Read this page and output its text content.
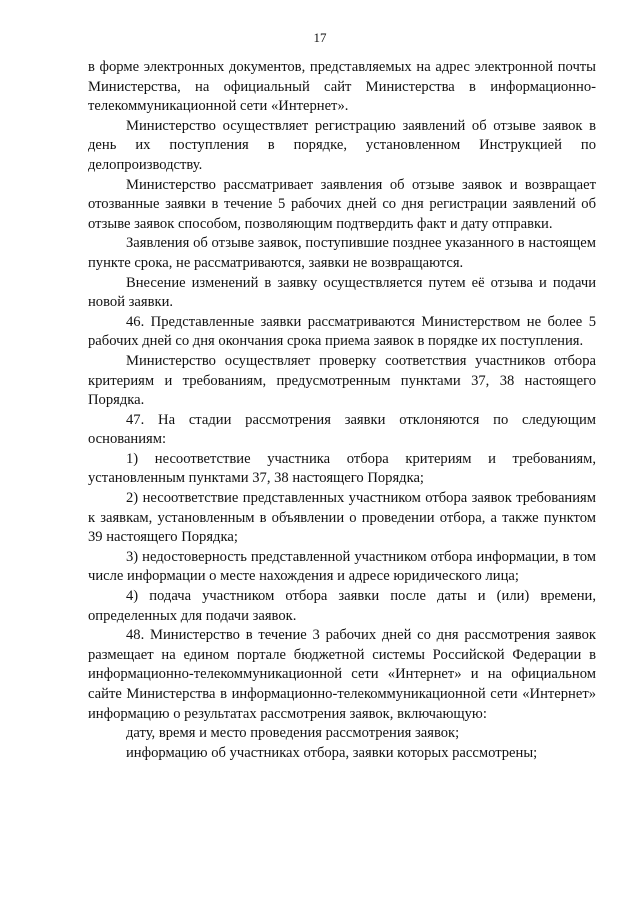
17

в форме электронных документов, представляемых на адрес электронной почты Министерства, на официальный сайт Министерства в информационно-телекоммуникационной сети «Интернет».

Министерство осуществляет регистрацию заявлений об отзыве заявок в день их поступления в порядке, установленном Инструкцией по делопроизводству.

Министерство рассматривает заявления об отзыве заявок и возвращает отозванные заявки в течение 5 рабочих дней со дня регистрации заявлений об отзыве заявок способом, позволяющим подтвердить факт и дату отправки.

Заявления об отзыве заявок, поступившие позднее указанного в настоящем пункте срока, не рассматриваются, заявки не возвращаются.

Внесение изменений в заявку осуществляется путем её отзыва и подачи новой заявки.

46. Представленные заявки рассматриваются Министерством не более 5 рабочих дней со дня окончания срока приема заявок в порядке их поступления.

Министерство осуществляет проверку соответствия участников отбора критериям и требованиям, предусмотренным пунктами 37, 38 настоящего Порядка.

47. На стадии рассмотрения заявки отклоняются по следующим основаниям:

1) несоответствие участника отбора критериям и требованиям, установленным пунктами 37, 38 настоящего Порядка;

2) несоответствие представленных участником отбора заявок требованиям к заявкам, установленным в объявлении о проведении отбора, а также пунктом 39 настоящего Порядка;

3) недостоверность представленной участником отбора информации, в том числе информации о месте нахождения и адресе юридического лица;

4) подача участником отбора заявки после даты и (или) времени, определенных для подачи заявок.

48. Министерство в течение 3 рабочих дней со дня рассмотрения заявок размещает на едином портале бюджетной системы Российской Федерации в информационно-телекоммуникационной сети «Интернет» и на официальном сайте Министерства в информационно-телекоммуникационной сети «Интернет» информацию о результатах рассмотрения заявок, включающую:

дату, время и место проведения рассмотрения заявок;

информацию об участниках отбора, заявки которых рассмотрены;
